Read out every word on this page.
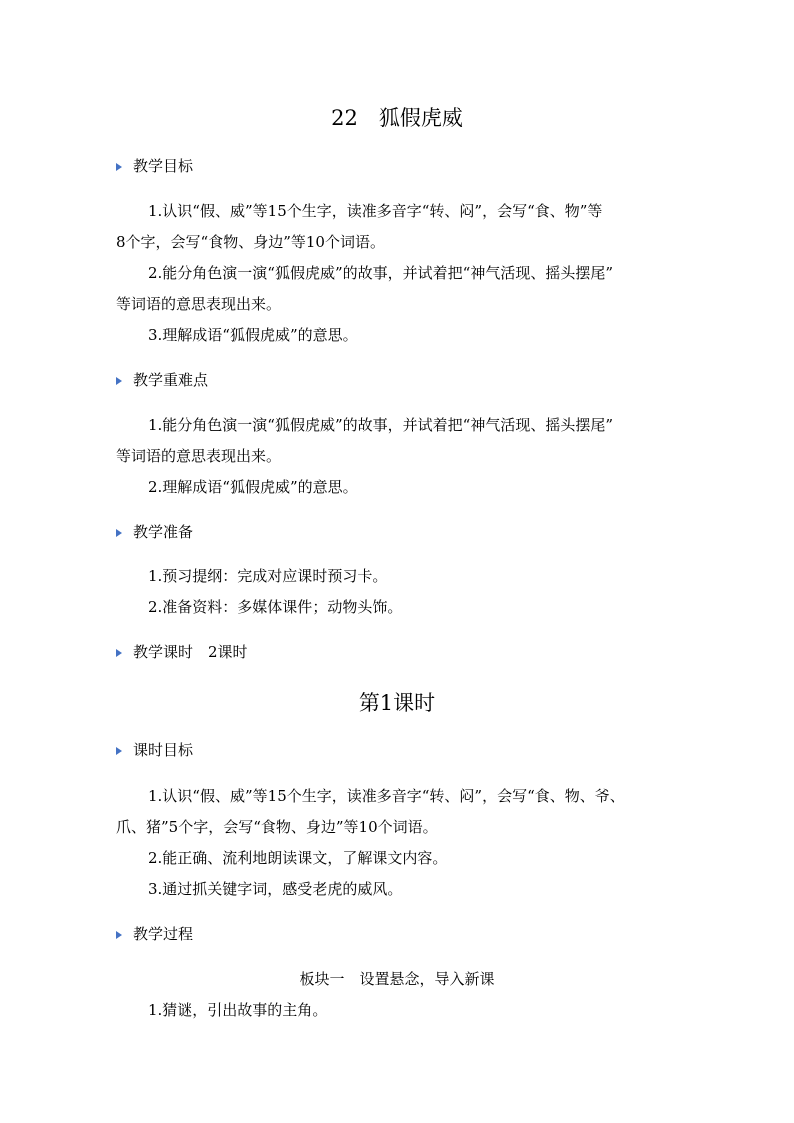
22　狐假虎威
教学目标
1.认识“假、威”等15个生字，读准多音字“转、闷”，会写“食、物”等
8个字，会写“食物、身边”等10个词语。
2.能分角色演一演“狐假虎威”的故事，并试着把“神气活现、摇头摆尾”
等词语的意思表现出来。
3.理解成语“狐假虎威”的意思。
教学重难点
1.能分角色演一演“狐假虎威”的故事，并试着把“神气活现、摇头摆尾”
等词语的意思表现出来。
2.理解成语“狐假虎威”的意思。
教学准备
1.预习提纲：完成对应课时预习卡。
2.准备资料：多媒体课件；动物头饰。
教学课时　2课时
第1课时
课时目标
1.认识“假、威”等15个生字，读准多音字“转、闷”，会写“食、物、爷、
爪、猪”5个字，会写“食物、身边”等10个词语。
2.能正确、流利地朗读课文，了解课文内容。
3.通过抓关键字词，感受老虎的威风。
教学过程
板块一　设置悬念，导入新课
1.猜谜，引出故事的主角。
